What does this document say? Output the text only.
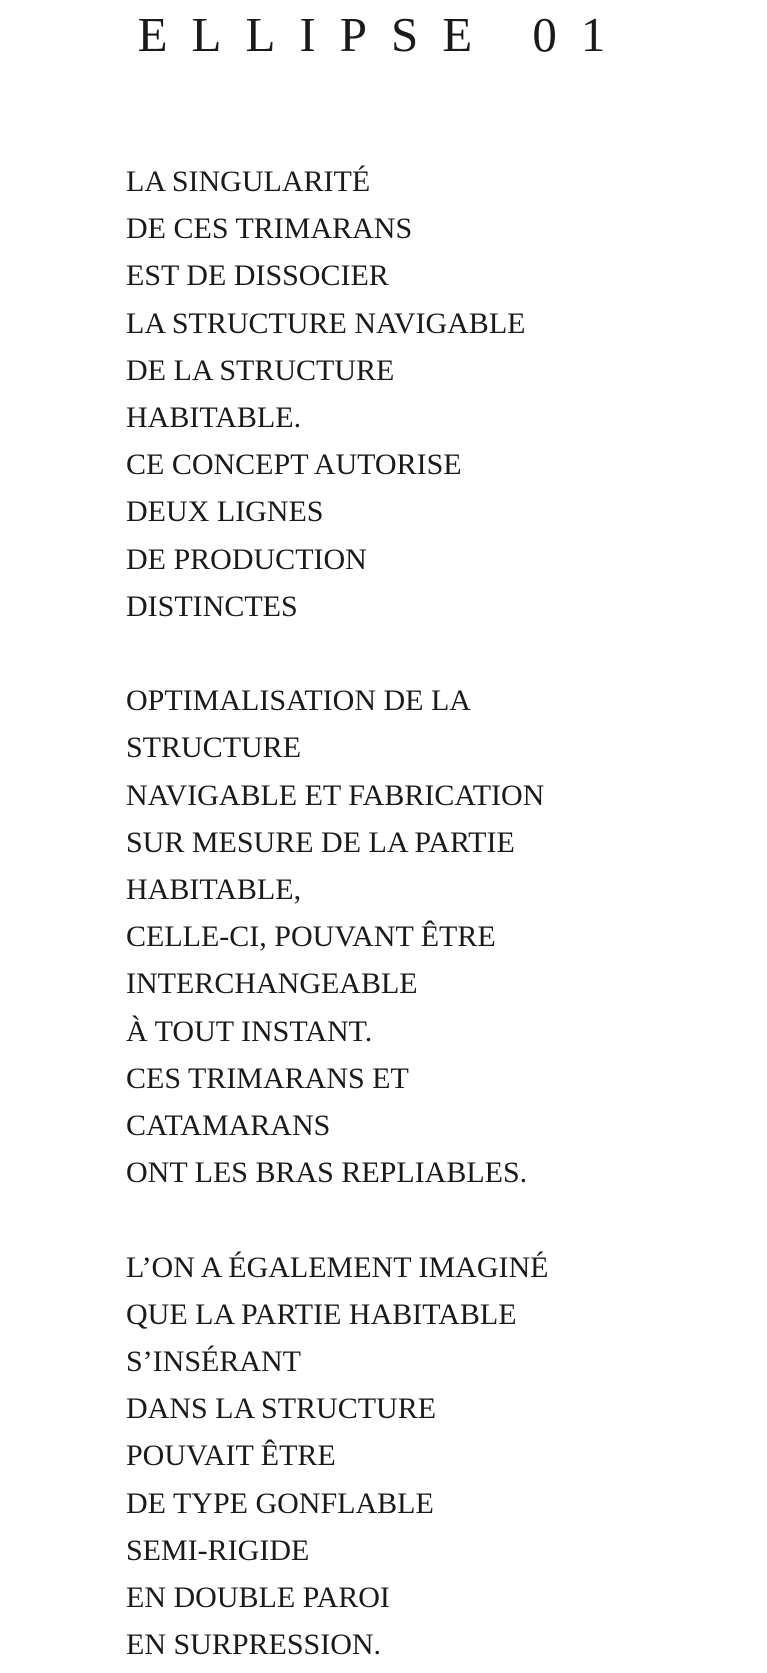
ELLIPSE 01

LA SINGULARITÉ
DE CES TRIMARANS
EST DE DISSOCIER
LA STRUCTURE NAVIGABLE
DE LA STRUCTURE
HABITABLE.
CE CONCEPT AUTORISE
DEUX LIGNES
DE PRODUCTION
DISTINCTES

OPTIMALISATION DE LA
STRUCTURE
NAVIGABLE ET FABRICATION
SUR MESURE DE LA PARTIE
HABITABLE,
CELLE-CI, POUVANT ÊTRE
INTERCHANGEABLE
À TOUT INSTANT.
CES TRIMARANS ET
CATAMARANS
ONT LES BRAS REPLIABLES.

L’ON A ÉGALEMENT IMAGINÉ
QUE LA PARTIE HABITABLE
S’INSÉRANT
DANS LA STRUCTURE
POUVAIT ÊTRE
DE TYPE GONFLABLE
SEMI-RIGIDE
EN DOUBLE PAROI
EN SURPRESSION.
